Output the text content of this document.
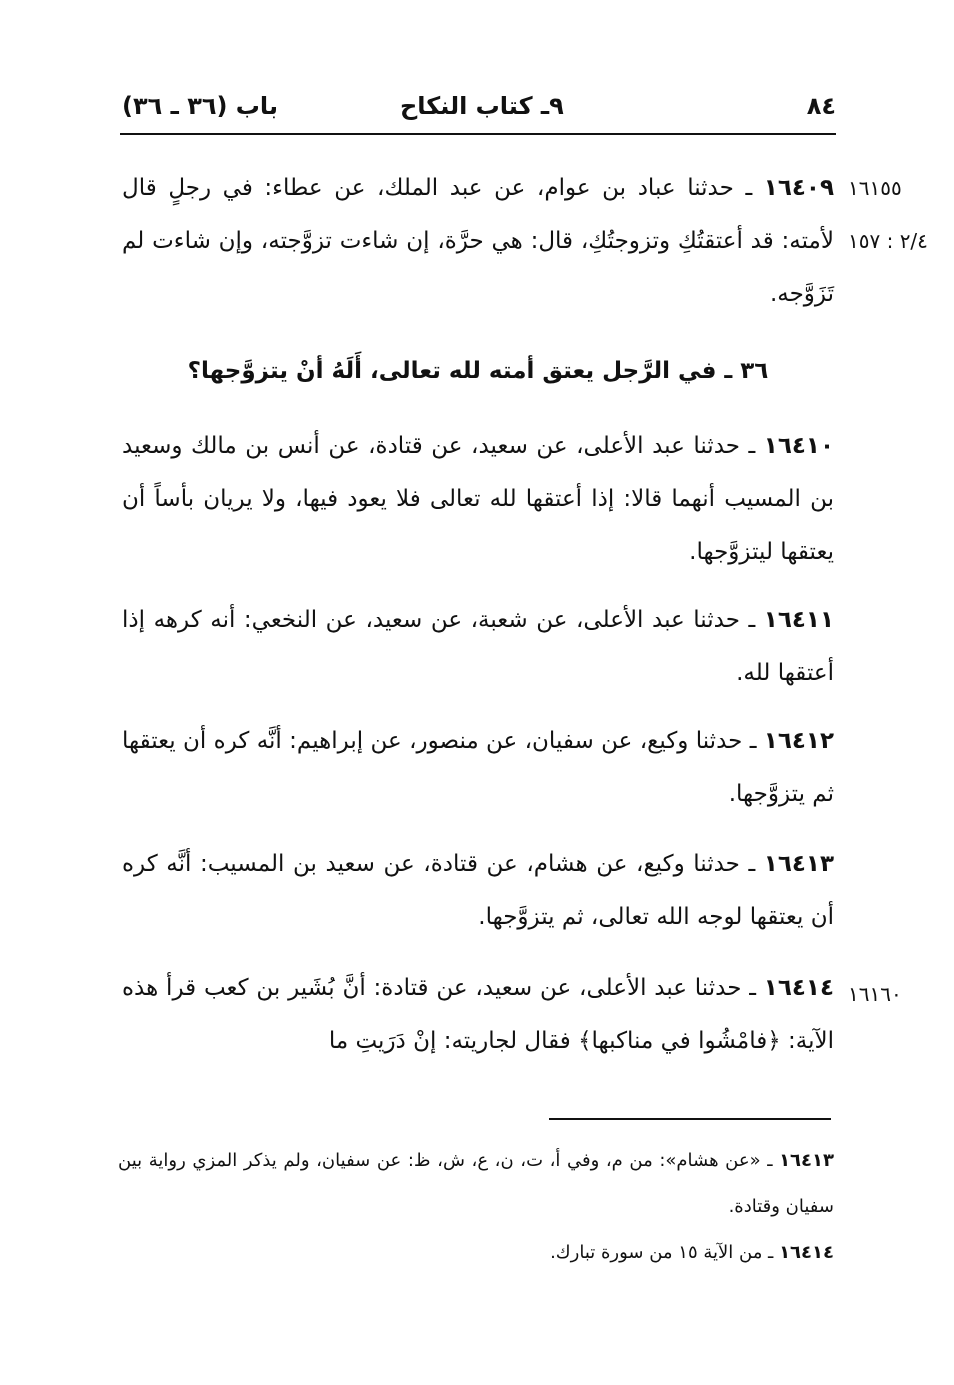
٨٤
٩ـ كتاب النكاح
باب (٣٦ ـ ٣٦)
١٦١٥٥
٢/٤ : ١٥٧
١٦١٦٠
١٦٤٠٩ ـ حدثنا عباد بن عوام، عن عبد الملك، عن عطاء: في رجلٍ قال لأمته: قد أعتقتُكِ وتزوجتُكِ، قال: هي حرَّة، إن شاءت تزوَّجته، وإن شاءت لم تَزَوَّجه.
٣٦ ـ في الرَّجل يعتق أمته لله تعالى، أَلَهُ أنْ يتزوَّجها؟
١٦٤١٠ ـ حدثنا عبد الأعلى، عن سعيد، عن قتادة، عن أنس بن مالك وسعيد بن المسيب أنهما قالا: إذا أعتقها لله تعالى فلا يعود فيها، ولا يريان بأساً أن يعتقها ليتزوَّجها.
١٦٤١١ ـ حدثنا عبد الأعلى، عن شعبة، عن سعيد، عن النخعي: أنه كرهه إذا أعتقها لله.
١٦٤١٢ ـ حدثنا وكيع، عن سفيان، عن منصور، عن إبراهيم: أنَّه كره أن يعتقها ثم يتزوَّجها.
١٦٤١٣ ـ حدثنا وكيع، عن هشام، عن قتادة، عن سعيد بن المسيب: أنَّه كره أن يعتقها لوجه الله تعالى، ثم يتزوَّجها.
١٦٤١٤ ـ حدثنا عبد الأعلى، عن سعيد، عن قتادة: أنَّ بُشَير بن كعب قرأ هذه الآية: ﴿فامْشُوا في مناكبها﴾ فقال لجاريته: إنْ دَرَيتِ ما
١٦٤١٣ ـ «عن هشام»: من م، وفي أ، ت، ن، ع، ش، ظ: عن سفيان، ولم يذكر المزي رواية بين سفيان وقتادة.
١٦٤١٤ ـ من الآية ١٥ من سورة تبارك.
